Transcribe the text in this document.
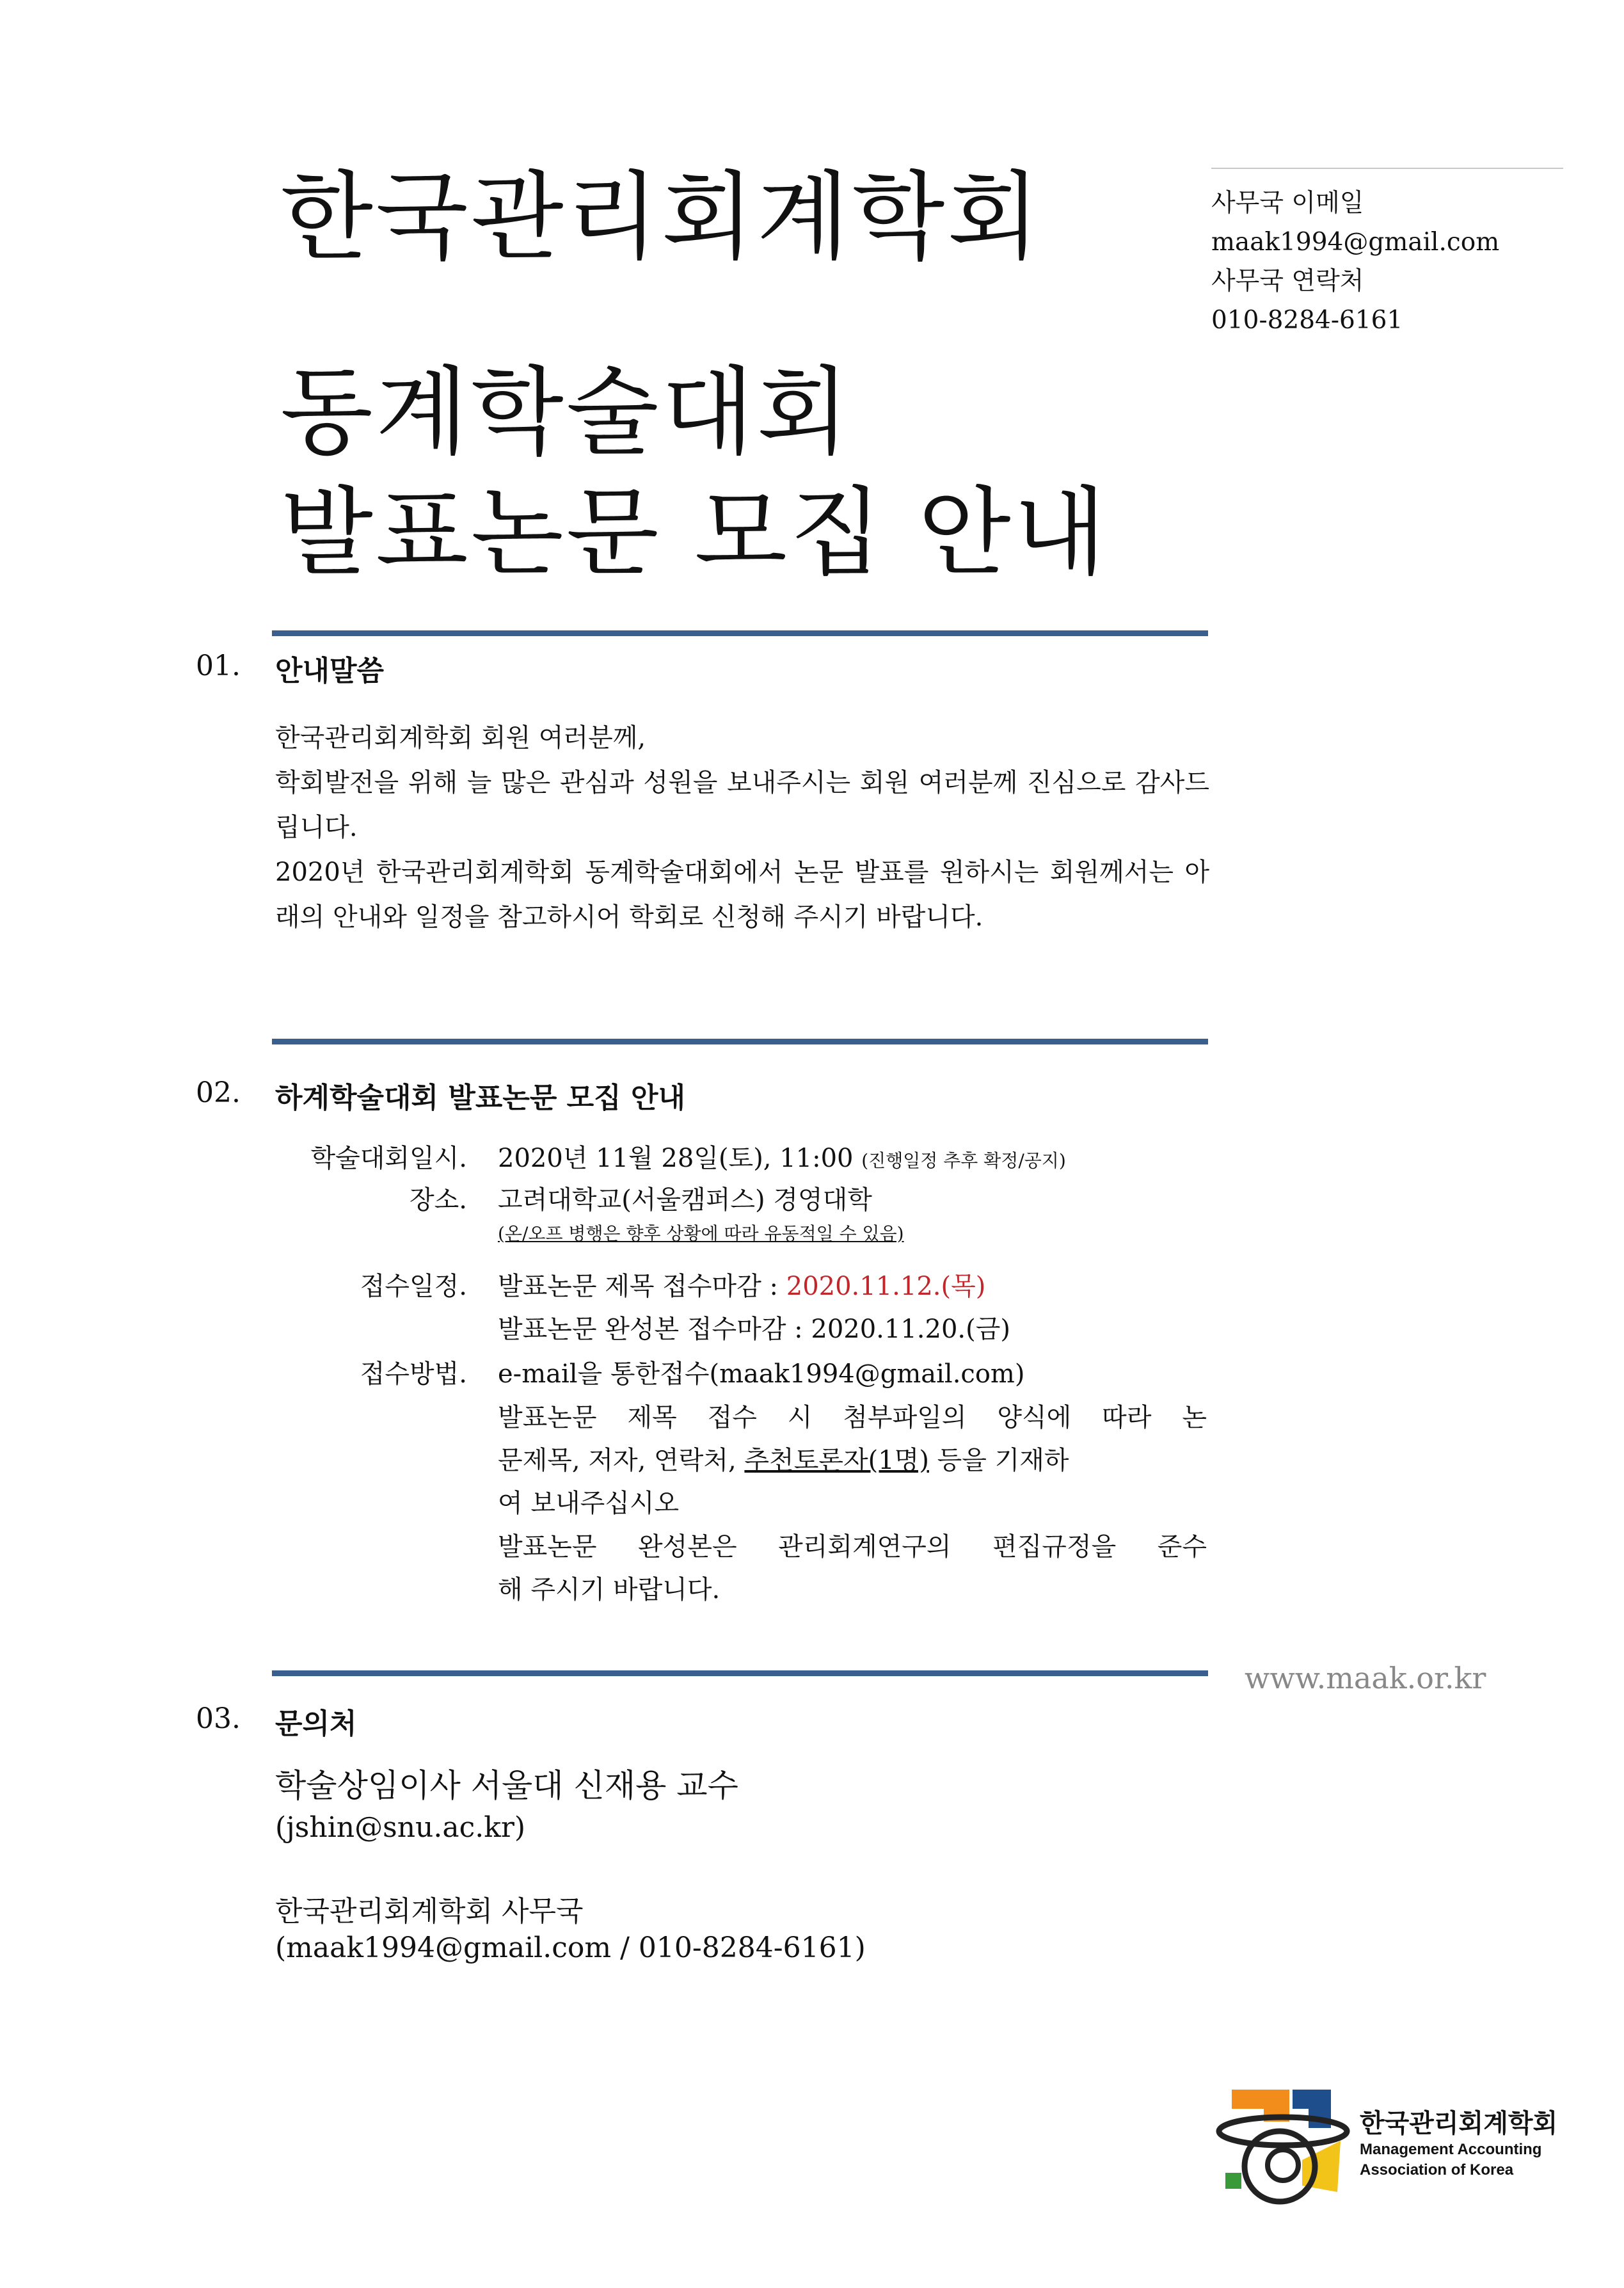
사무국 이메일
maak1994@gmail.com
사무국 연락처
010-8284-6161
한국관리회계학회
동계학술대회
발표논문 모집 안내
01. 안내말씀

한국관리회계학회 회원 여러분께,

학회발전을 위해 늘 많은 관심과 성원을 보내주시는 회원 여러분께 진심으로 감사드립니다.

2020년 한국관리회계학회 동계학술대회에서 논문 발표를 원하시는 회원께서는 아래의 안내와 일정을 참고하시어 학회로 신청해 주시기 바랍니다.

02. 하계학술대회 발표논문 모집 안내
학술대회일시. 2020년 11월 28일(토), 11:00 (진행일정 추후 확정/공지)
장소. 고려대학교(서울캠퍼스) 경영대학
(온/오프 병행은 향후 상황에 따라 유동적일 수 있음)
접수일정. 발표논문 제목 접수마감 : 2020.11.12.(목)
발표논문 완성본 접수마감 : 2020.11.20.(금)
접수방법. e-mail을 통한접수(maak1994@gmail.com)
발표논문 제목 접수 시 첨부파일의 양식에 따라 논
문제목, 저자, 연락처, 추천토론자(1명) 등을 기재하
여 보내주십시오
발표논문 완성본은 관리회계연구의 편집규정을 준수
해 주시기 바랍니다.
www.maak.or.kr
03. 문의처
학술상임이사 서울대 신재용 교수
(jshin@snu.ac.kr)
한국관리회계학회 사무국
(maak1994@gmail.com / 010-8284-6161)
한국관리회계학회
Management Accounting
Association of Korea
